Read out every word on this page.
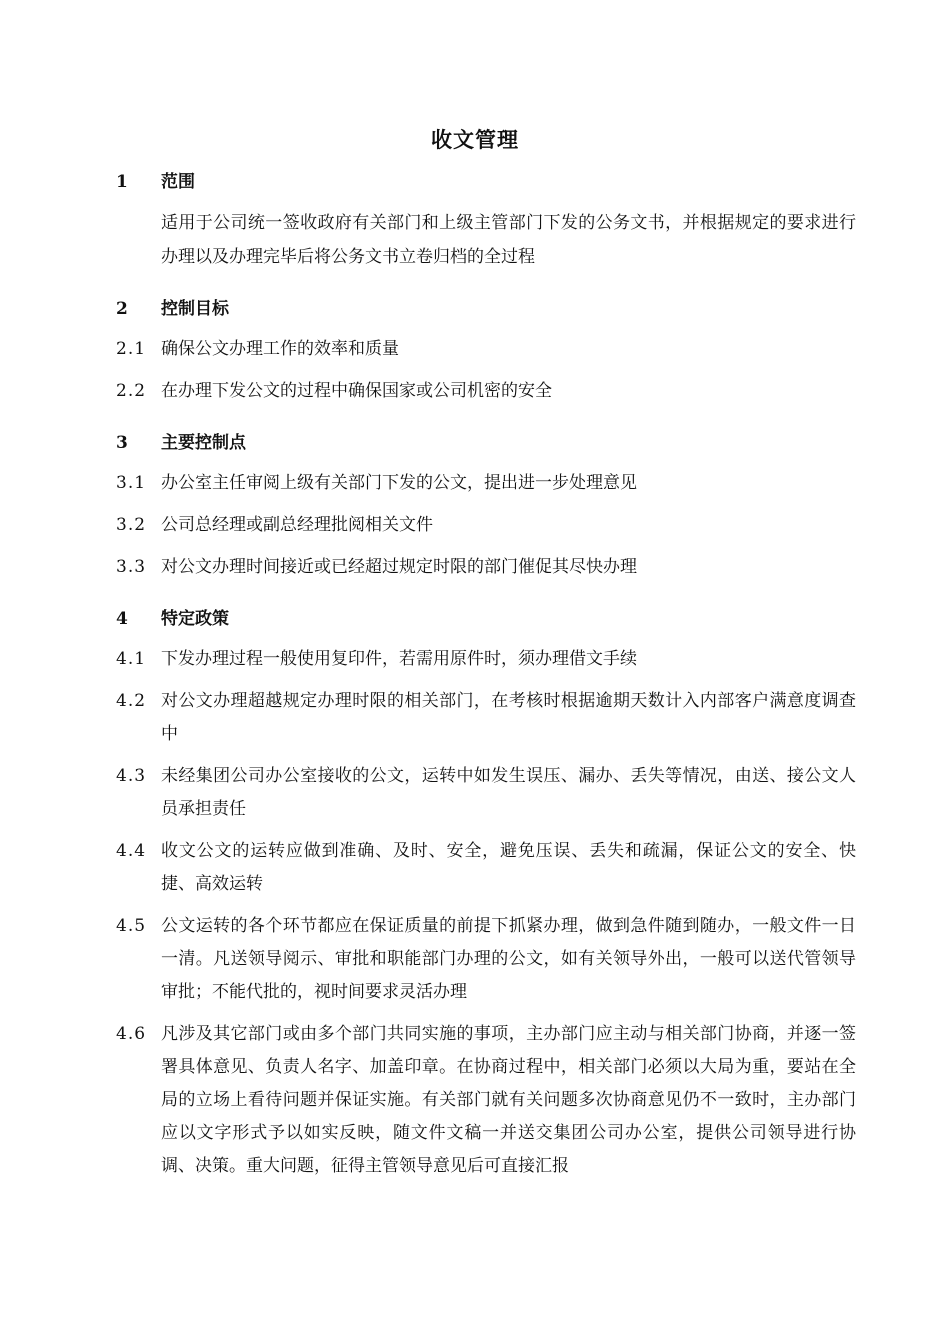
收文管理
1	范围
适用于公司统一签收政府有关部门和上级主管部门下发的公务文书，并根据规定的要求进行办理以及办理完毕后将公务文书立卷归档的全过程
2	控制目标
2.1 确保公文办理工作的效率和质量
2.2 在办理下发公文的过程中确保国家或公司机密的安全
3	主要控制点
3.1 办公室主任审阅上级有关部门下发的公文，提出进一步处理意见
3.2 公司总经理或副总经理批阅相关文件
3.3 对公文办理时间接近或已经超过规定时限的部门催促其尽快办理
4	特定政策
4.1 下发办理过程一般使用复印件，若需用原件时，须办理借文手续
4.2 对公文办理超越规定办理时限的相关部门，在考核时根据逾期天数计入内部客户满意度调查中
4.3 未经集团公司办公室接收的公文，运转中如发生误压、漏办、丢失等情况，由送、接公文人员承担责任
4.4 收文公文的运转应做到准确、及时、安全，避免压误、丢失和疏漏，保证公文的安全、快捷、高效运转
4.5 公文运转的各个环节都应在保证质量的前提下抓紧办理，做到急件随到随办，一般文件一日一清。凡送领导阅示、审批和职能部门办理的公文，如有关领导外出，一般可以送代管领导审批；不能代批的，视时间要求灵活办理
4.6 凡涉及其它部门或由多个部门共同实施的事项，主办部门应主动与相关部门协商，并逐一签署具体意见、负责人名字、加盖印章。在协商过程中，相关部门必须以大局为重，要站在全局的立场上看待问题并保证实施。有关部门就有关问题多次协商意见仍不一致时，主办部门应以文字形式予以如实反映，随文件文稿一并送交集团公司办公室，提供公司领导进行协调、决策。重大问题，征得主管领导意见后可直接汇报
